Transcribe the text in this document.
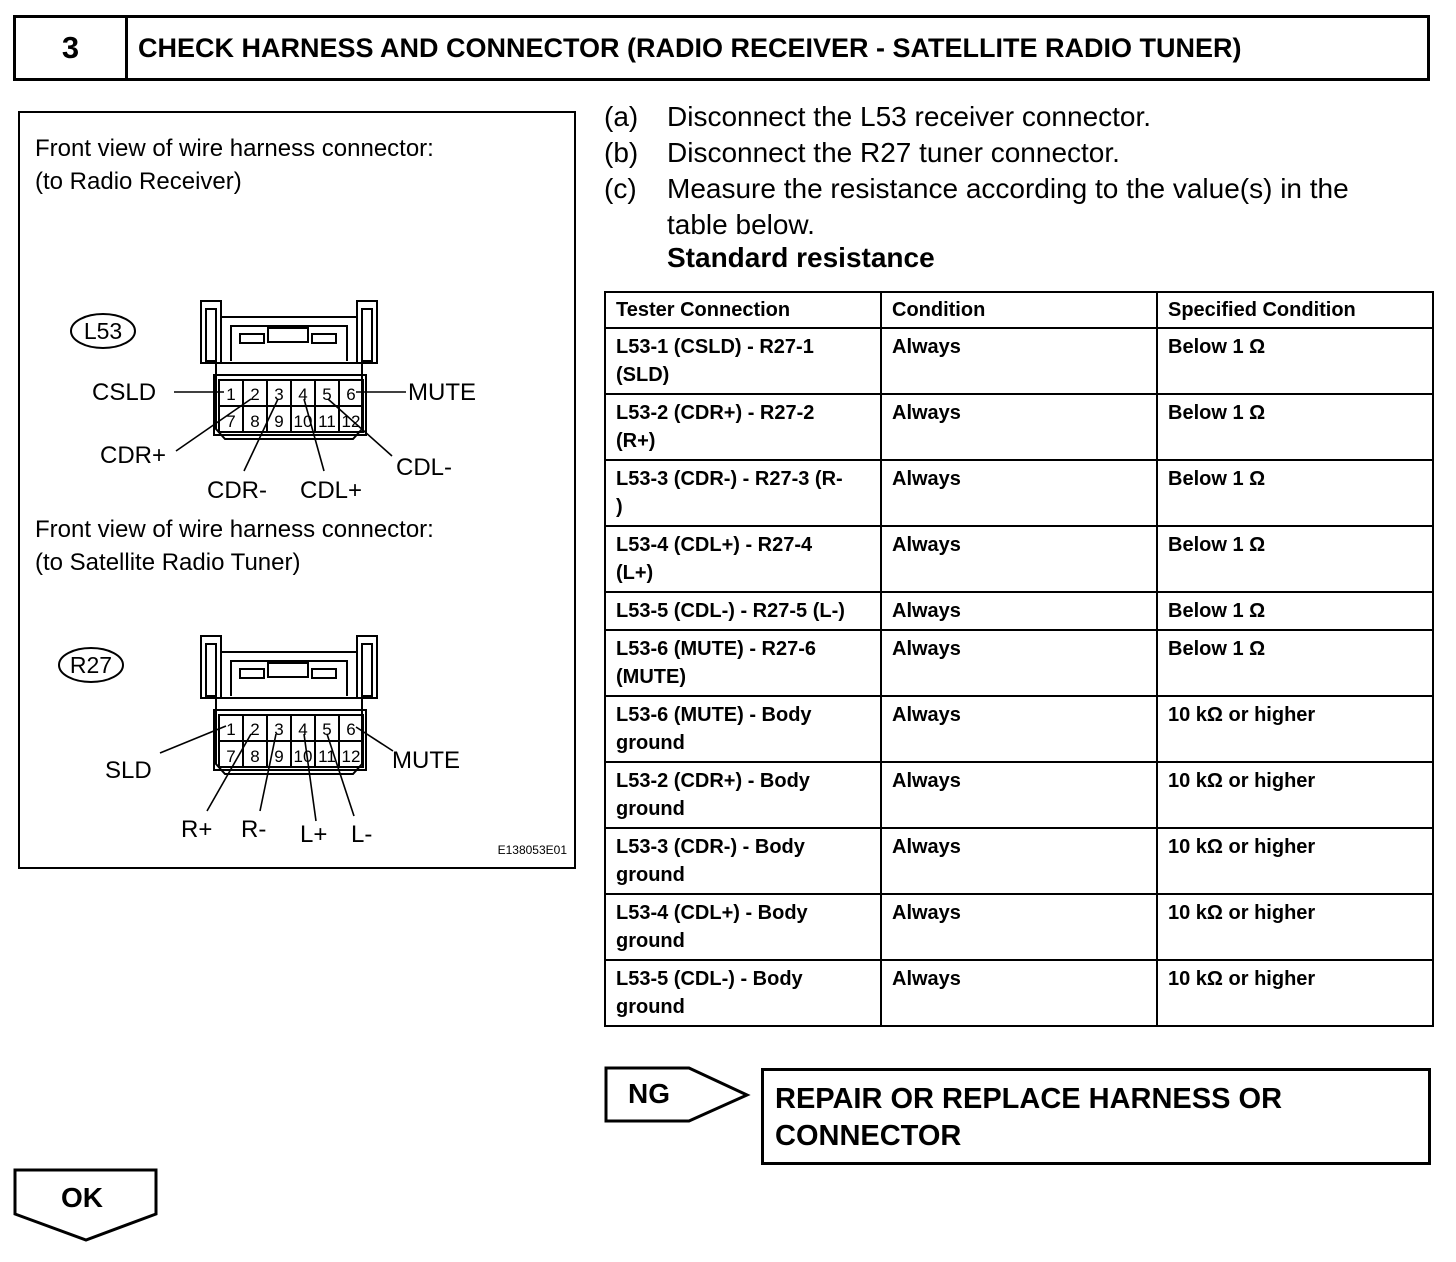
3	CHECK HARNESS AND CONNECTOR (RADIO RECEIVER - SATELLITE RADIO TUNER)
Front view of wire harness connector:
(to Radio Receiver)
Front view of wire harness connector:
(to Satellite Radio Tuner)
1 2 3 4 5 6
7 8 9 10 11 12
L53
CSLD	MUTE
CDR+	CDL-
CDR- CDL+
1 2 3 4 5 6
7 8 9 10 11 12
R27
SLD	MUTE
R+ R- L+ L-
E138053E01
(a) Disconnect the L53 receiver connector.
(b) Disconnect the R27 tuner connector.
(c) Measure the resistance according to the value(s) in the
table below.
Standard resistance
Tester Connection	Condition	Specified Condition

L53-1 (CSLD) - R27-1
(SLD)	Always	Below 1 Ω

L53-2 (CDR+) - R27-2
(R+)	Always	Below 1 Ω

L53-3 (CDR-) - R27-3 (R-
)	Always	Below 1 Ω

L53-4 (CDL+) - R27-4
(L+)	Always	Below 1 Ω

L53-5 (CDL-) - R27-5 (L-)	Always	Below 1 Ω

L53-6 (MUTE) - R27-6
(MUTE)	Always	Below 1 Ω

L53-6 (MUTE) - Body
ground	Always	10 kΩ or higher

L53-2 (CDR+) - Body
ground	Always	10 kΩ or higher

L53-3 (CDR-) - Body
ground	Always	10 kΩ or higher

L53-4 (CDL+) - Body
ground	Always	10 kΩ or higher

L53-5 (CDL-) - Body
ground	Always	10 kΩ or higher
NG	REPAIR OR REPLACE HARNESS OR
CONNECTOR
OK
